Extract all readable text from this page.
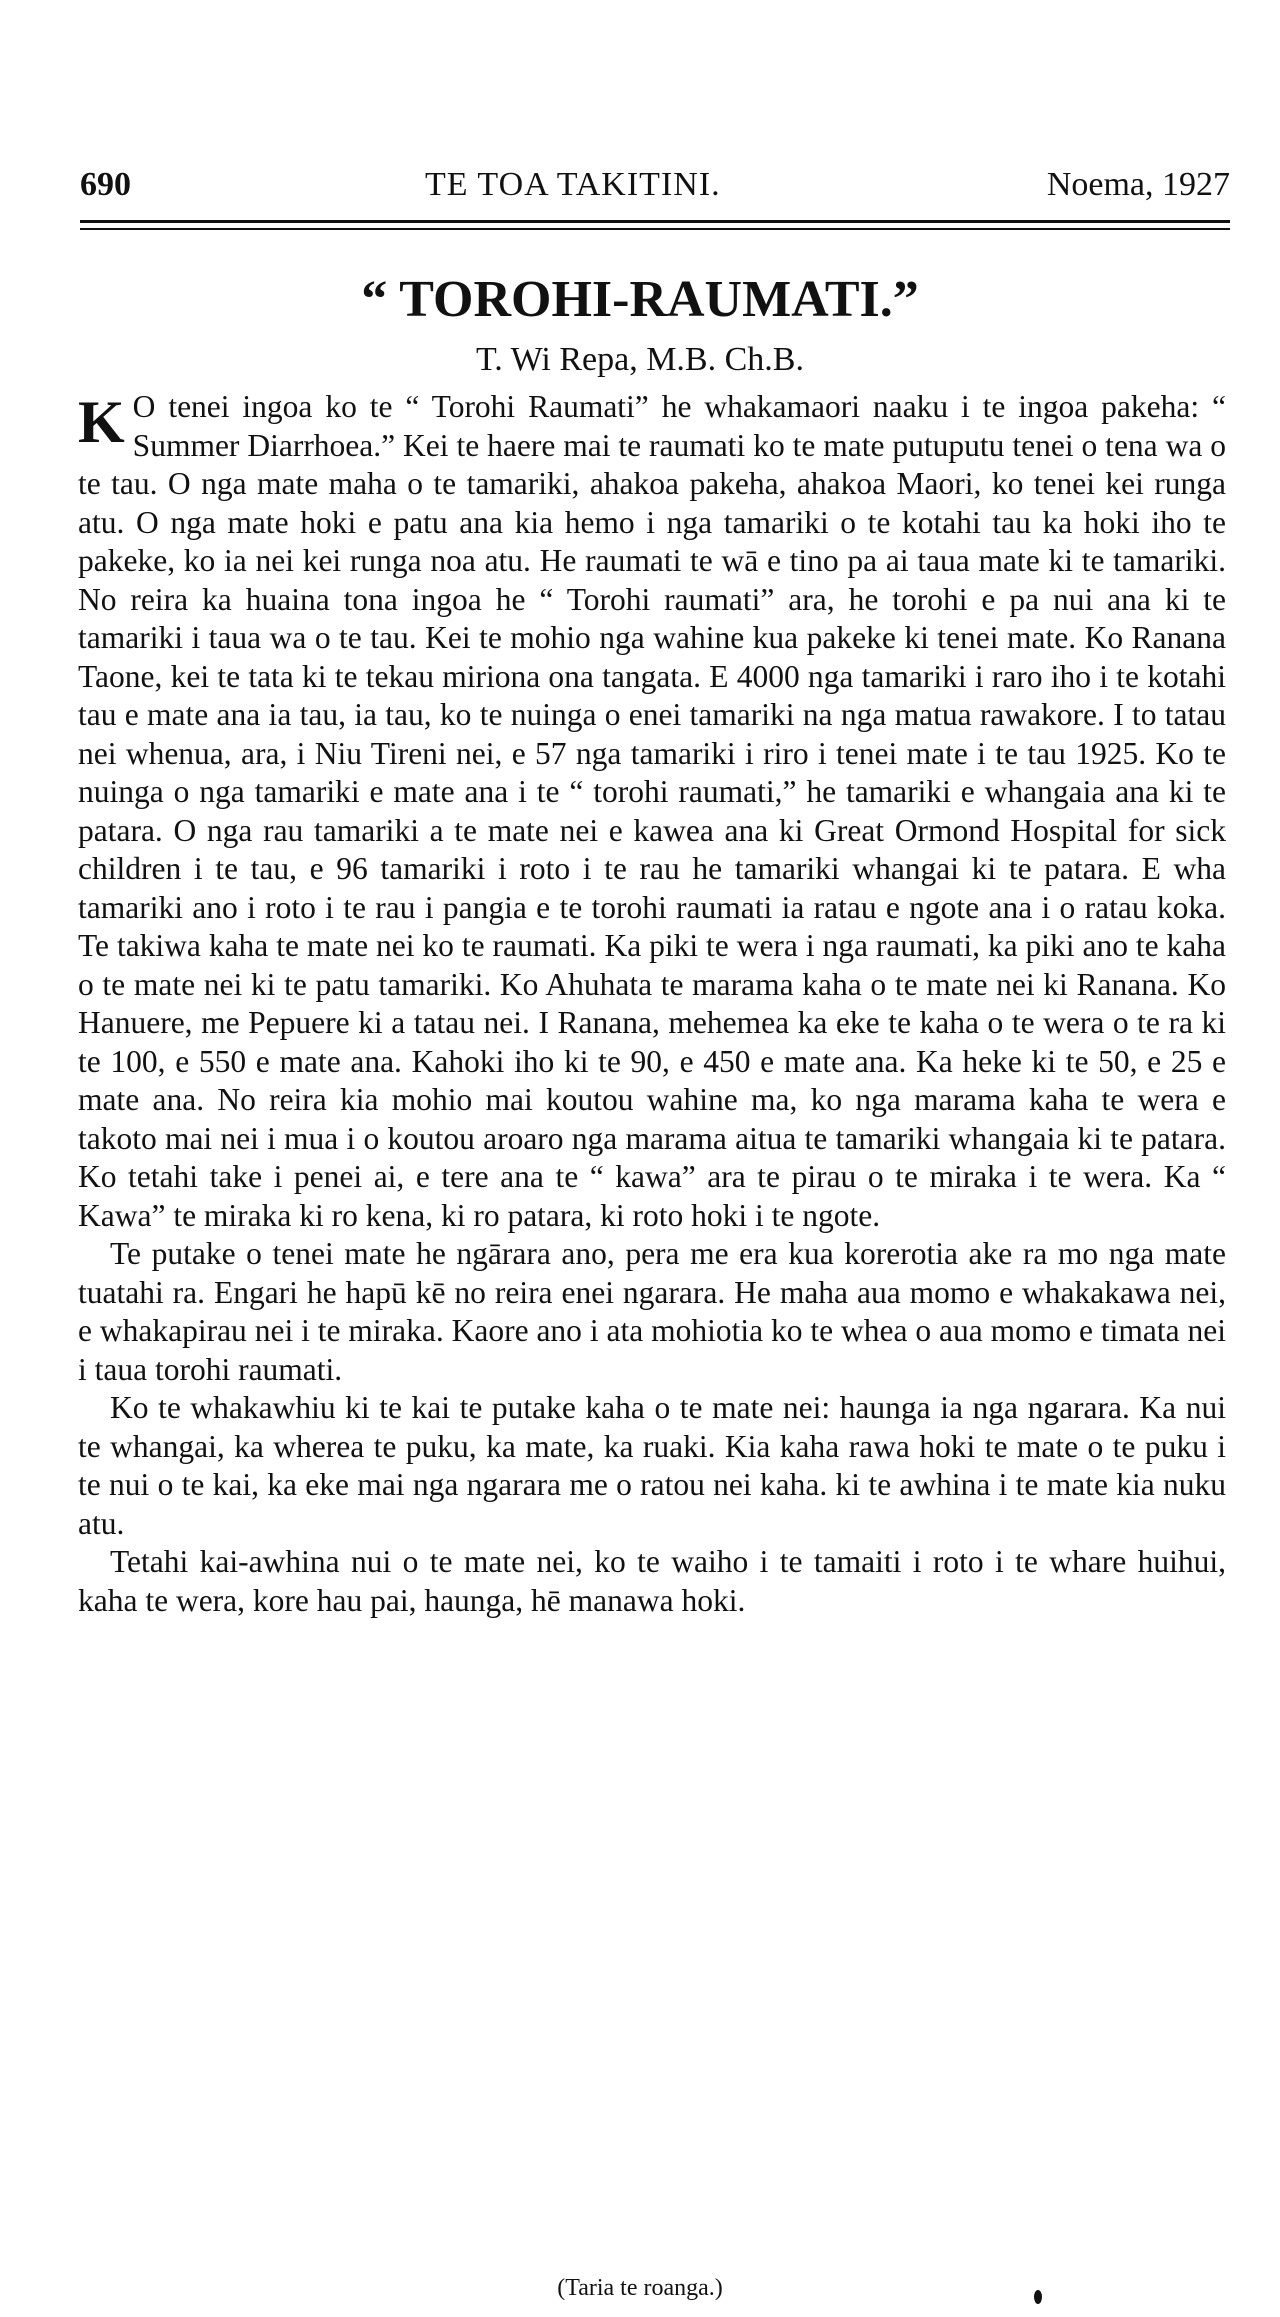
690	TE TOA TAKITINI.	Noema, 1927
“ TOROHI-RAUMATI.”

T. Wi Repa, M.B. Ch.B.

K O tenei ingoa ko te “ Torohi Raumati” he whakamaori naaku i te ingoa pakeha: “ Summer Diarrhoea.” Kei te haere mai te raumati ko te mate putuputu tenei o tena wa o te tau. O nga mate maha o te tamariki, ahakoa pakeha, ahakoa Maori, ko tenei kei runga atu. O nga mate hoki e patu ana kia hemo i nga tamariki o te kotahi tau ka hoki iho te pakeke, ko ia nei kei runga noa atu. He raumati te wā e tino pa ai taua mate ki te tamariki. No reira ka huaina tona ingoa he “ Torohi raumati” ara, he torohi e pa nui ana ki te tamariki i taua wa o te tau. Kei te mohio nga wahine kua pakeke ki tenei mate. Ko Ranana Taone, kei te tata ki te tekau miriona ona tangata. E 4000 nga tamariki i raro iho i te kotahi tau e mate ana ia tau, ia tau, ko te nuinga o enei tamariki na nga matua rawakore. I to tatau nei whenua, ara, i Niu Tireni nei, e 57 nga tamariki i riro i tenei mate i te tau 1925. Ko te nuinga o nga tamariki e mate ana i te “ torohi raumati,” he tamariki e whangaia ana ki te patara. O nga rau tamariki a te mate nei e kawea ana ki Great Ormond Hospital for sick children i te tau, e 96 tamariki i roto i te rau he tamariki whangai ki te patara. E wha tamariki ano i roto i te rau i pangia e te torohi raumati ia ratau e ngote ana i o ratau koka. Te takiwa kaha te mate nei ko te raumati. Ka piki te wera i nga raumati, ka piki ano te kaha o te mate nei ki te patu tamariki. Ko Ahuhata te marama kaha o te mate nei ki Ranana. Ko Hanuere, me Pepuere ki a tatau nei. I Ranana, mehemea ka eke te kaha o te wera o te ra ki te 100, e 550 e mate ana. Kahoki iho ki te 90, e 450 e mate ana. Ka heke ki te 50, e 25 e mate ana. No reira kia mohio mai koutou wahine ma, ko nga marama kaha te wera e takoto mai nei i mua i o koutou aroaro nga marama aitua te tamariki whangaia ki te patara. Ko tetahi take i penei ai, e tere ana te “ kawa” ara te pirau o te miraka i te wera. Ka “ Kawa” te miraka ki ro kena, ki ro patara, ki roto hoki i te ngote.

Te putake o tenei mate he ngārara ano, pera me era kua korerotia ake ra mo nga mate tuatahi ra. Engari he hapū kē no reira enei ngarara. He maha aua momo e whakakawa nei, e whakapirau nei i te miraka. Kaore ano i ata mohiotia ko te whea o aua momo e timata nei i taua torohi raumati.

Ko te whakawhiu ki te kai te putake kaha o te mate nei: haunga ia nga ngarara. Ka nui te whangai, ka wherea te puku, ka mate, ka ruaki. Kia kaha rawa hoki te mate o te puku i te nui o te kai, ka eke mai nga ngarara me o ratou nei kaha. ki te awhina i te mate kia nuku atu.

Tetahi kai-awhina nui o te mate nei, ko te waiho i te tamaiti i roto i te whare huihui, kaha te wera, kore hau pai, haunga, hē manawa hoki.

(Taria te roanga.)
